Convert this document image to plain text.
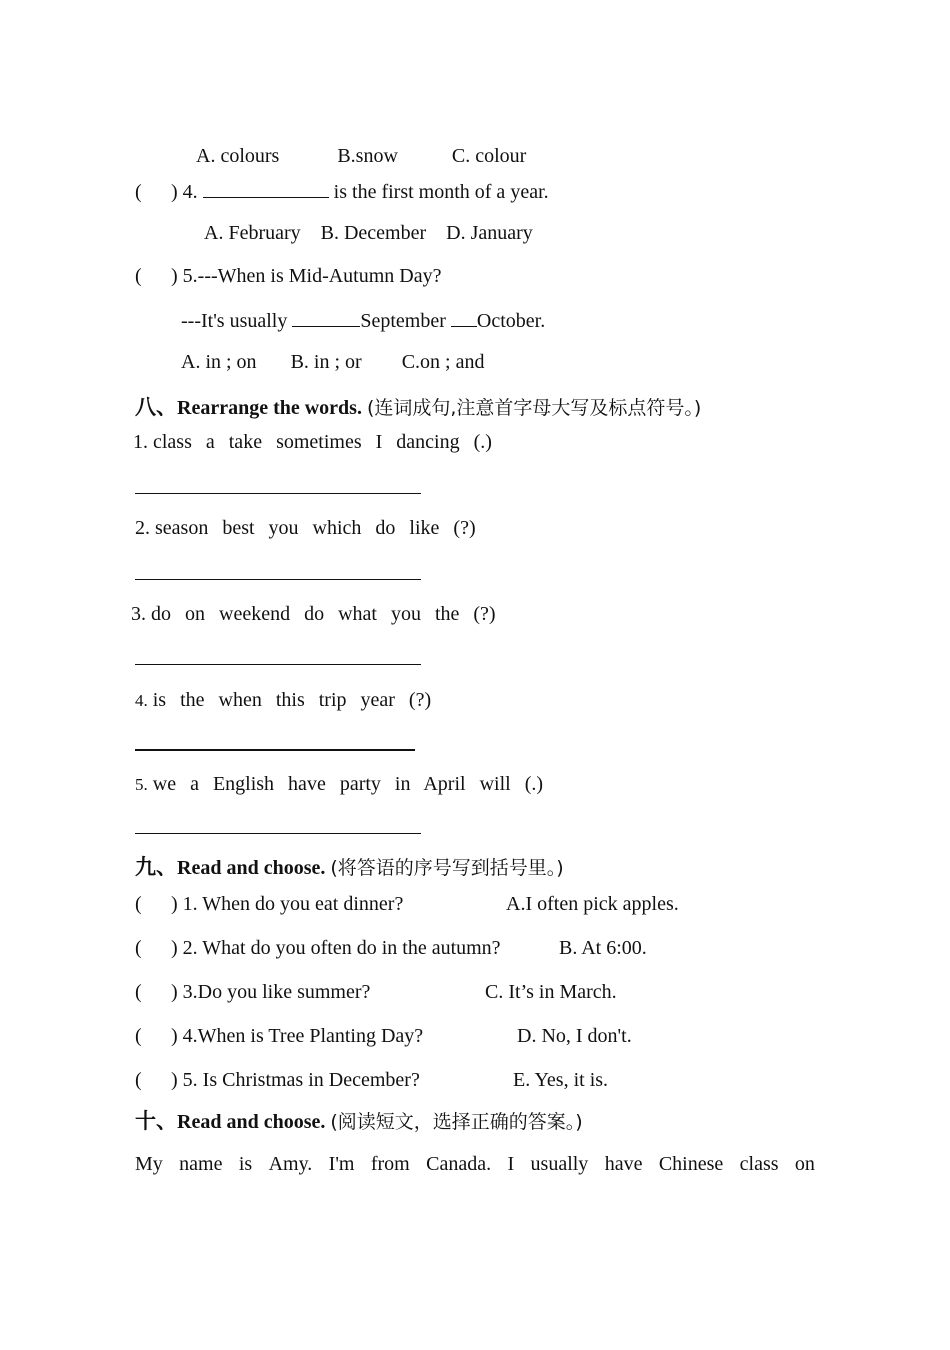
A. colours	B.snow	C. colour
( ) 4.	is the first month of a year.
A. February B. December D. January
( ) 5.---When is Mid-Autumn Day?
---It's usually	September October.
A. in ; on B. in ; or C.on ; and
八、Rearrange the words. (连词成句,注意首字母大写及标点符号。)
1. class  a  take  sometimes  I  dancing  (.)
2. season  best  you  which  do  like  (?)
3. do  on  weekend  do  what  you  the  (?)
4. is  the  when  this  trip  year  (?)
5. we  a  English  have  party  in  April  will  (.)
九、Read and choose. (将答语的序号写到括号里。)
( ) 1. When do you eat dinner?	A.I often pick apples.
( ) 2. What do you often do in the autumn?	B. At 6:00.
( ) 3.Do you like summer?	C. It’s in March.
( ) 4.When is Tree Planting Day?	D. No, I don't.
( ) 5. Is Christmas in December?	E. Yes, it is.
十、Read and choose. (阅读短文，选择正确的答案。)
My name is Amy. I'm from Canada. I usually have Chinese class on
